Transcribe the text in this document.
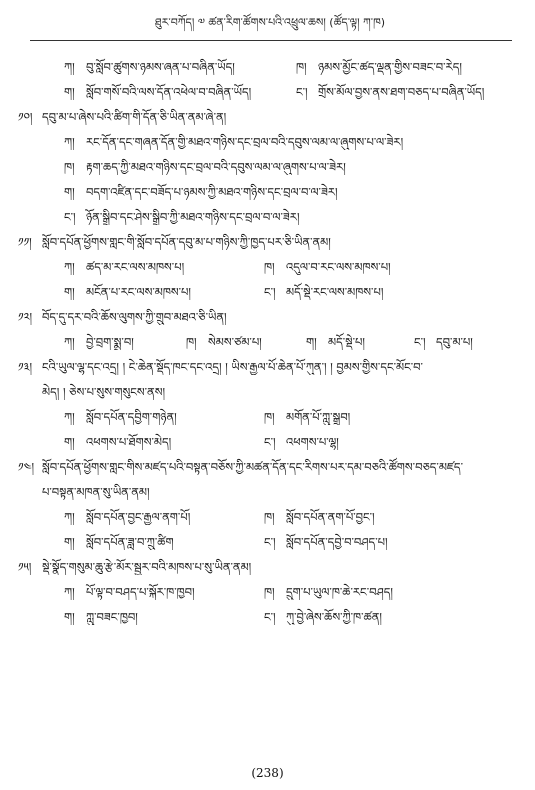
ཐུར་བཀོད། ༧ ཚན་རིག་ཚོགས་པའི་འཕྲུལ་ཆས། (ཚོད་ལྟ། ཀ་ཁ)
ཀ། བུ་སློབ་ཚུགས་ཉམས་ཞན་པ་བཞིན་ཡོད།	ཁ། ཉམས་མྱོང་ཚད་ལྡན་གྱིས་བཟང་བ་རེད།
ག། སློབ་གསོ་བའི་ལས་དོན་འཕེལ་བ་བཞིན་ཡོད།	ང་། གྲོས་མོལ་བྱས་ནས་ཐག་བཅད་པ་བཞིན་ཡོད།
༡༠། དབུ་མ་པ་ཞེས་པའི་ཚིག་གི་དོན་ཅི་ཡིན་ནམ་ཞེ་ན།
ཀ། རང་དོན་དང་གཞན་དོན་གྱི་མཐའ་གཉིས་དང་བྲལ་བའི་དབུས་ལམ་ལ་ཞུགས་པ་ལ་ཟེར།
ཁ། རྟག་ཆད་ཀྱི་མཐའ་གཉིས་དང་བྲལ་བའི་དབུས་ལམ་ལ་ཞུགས་པ་ལ་ཟེར།
ག། བདག་འཛིན་དང་བཟོད་པ་ཉམས་ཀྱི་མཐའ་གཉིས་དང་བྲལ་བ་ལ་ཟེར།
ང་། ཉོན་སྒྲིབ་དང་ཤེས་སྒྲིབ་ཀྱི་མཐའ་གཉིས་དང་བྲལ་བ་ལ་ཟེར།
༡༡། སློབ་དཔོན་ཕྱོགས་གླང་གི་སློབ་དཔོན་དབུ་མ་པ་གཉིས་ཀྱི་ཁྱད་པར་ཅི་ཡིན་ནམ།
ཀ། ཚད་མ་རང་ལས་མཁས་པ།	ཁ། འདུལ་བ་རང་ལས་མཁས་པ།
ག། མངོན་པ་རང་ལས་མཁས་པ།	ང་། མདོ་སྡེ་རང་ལས་མཁས་པ།
༡༢། བོད་དུ་དར་བའི་ཆོས་ལུགས་ཀྱི་གྲུབ་མཐའ་ཅི་ཡིན།
ཀ། བྱེ་བྲག་སྨྲ་བ།	ཁ། སེམས་ཙམ་པ།	ག། མདོ་སྡེ་པ།	ང་། དབུ་མ་པ།
༡༣། ངའི་ཡུལ་ལྷ་དང་འདྲ། ། ངེ་ཆེན་སྡོད་ཁང་དང་འདྲ། ། ཡིས་རྒྱལ་པོ་ཆེན་པོ་ཀུན་། ། བྱམས་གྱིས་དང་མོང་བ་
མེད། ། ཅེས་པ་སུས་གསུངས་ནས།
ཀ། སློབ་དཔོན་དབྱིག་གཉེན།	ཁ། མགོན་པོ་ཀླུ་སྒྲུབ།
ག། འཕགས་པ་ཐོགས་མེད།	ང་། འཕགས་པ་ལྷ།
༡༤། སློབ་དཔོན་ཕྱོགས་གླང་གིས་མཛད་པའི་བསྟན་བཅོས་ཀྱི་མཚན་དོན་དང་རིགས་པར་དམ་བཅའི་ཚོགས་བཅད་མཛད་
པ་བསྟན་མཁན་སུ་ཡིན་ནམ།
ཀ། སློབ་དཔོན་བྱང་རྒྱལ་ནག་པོ།	ཁ། སློབ་དཔོན་ནག་པོ་བྱང་།
ག། སློབ་དཔོན་ཟླ་བ་ཀྲུ་ཚིག	ང་། སློབ་དཔོན་དབྱེ་བ་བཤད་པ།
༡༥། སྡེ་སྣོད་གསུམ་ཆུ་རྩེ་མོར་སྦྱར་བའི་མཁས་པ་སུ་ཡིན་ནམ།
ཀ། པོ་ལྟ་བ་བཤད་པ་སྐོར་ཁ་ཁྱབ།	ཁ། དྲུག་པ་ཡུལ་ཁ་ཆེ་རང་བཤད།
ག། ཀླུ་བཟང་ཁྱབ།	ང་། ཀུ་བྱེ་ཞེས་ཆོས་ཀྱི་ཁ་ཚན།
(238)
